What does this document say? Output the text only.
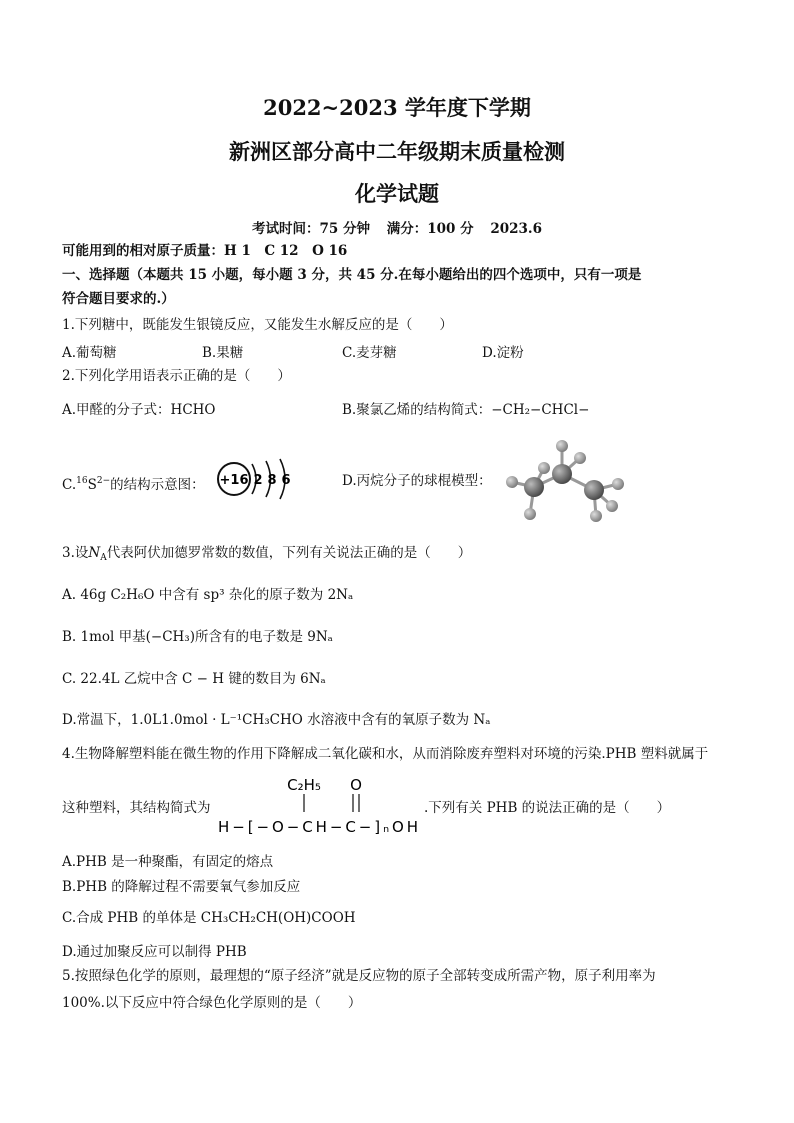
2022~2023 学年度下学期
新洲区部分高中二年级期末质量检测
化学试题
考试时间：75 分钟 满分：100 分 2023.6
可能用到的相对原子质量：H 1　C 12　O 16
一、选择题（本题共 15 小题，每小题 3 分，共 45 分.在每小题给出的四个选项中，只有一项是
符合题目要求的.）
1.下列糖中，既能发生银镜反应，又能发生水解反应的是（　　）
A.葡萄糖	B.果糖	C.麦芽糖	D.淀粉
2.下列化学用语表示正确的是（　　）
A.甲醛的分子式：HCHO	B.聚氯乙烯的结构简式：−CH₂−CHCl−
$C.^{16}S^{2-}$的结构示意图： +16 2 8 6	D.丙烷分子的球棍模型：
3.设$N_A$代表阿伏加德罗常数的数值，下列有关说法正确的是（　　）
A. 46g C₂H₆O 中含有 sp³ 杂化的原子数为 2Nₐ
B. 1mol 甲基(−CH₃)所含有的电子数是 9Nₐ
C. 22.4L 乙烷中含 C − H 键的数目为 6Nₐ
D.常温下，1.0L1.0mol · L⁻¹CH₃CHO 水溶液中含有的氧原子数为 Nₐ
4.生物降解塑料能在微生物的作用下降解成二氧化碳和水，从而消除废弃塑料对环境的污染.PHB 塑料就属于
这种塑料，其结构简式为
C₂H₅ O
H−[−O−CH−C−]ₙOH
.下列有关 PHB 的说法正确的是（　　）
A.PHB 是一种聚酯，有固定的熔点
B.PHB 的降解过程不需要氧气参加反应
C.合成 PHB 的单体是 CH₃CH₂CH(OH)COOH
D.通过加聚反应可以制得 PHB
5.按照绿色化学的原则，最理想的“原子经济”就是反应物的原子全部转变成所需产物，原子利用率为
100%.以下反应中符合绿色化学原则的是（　　）
